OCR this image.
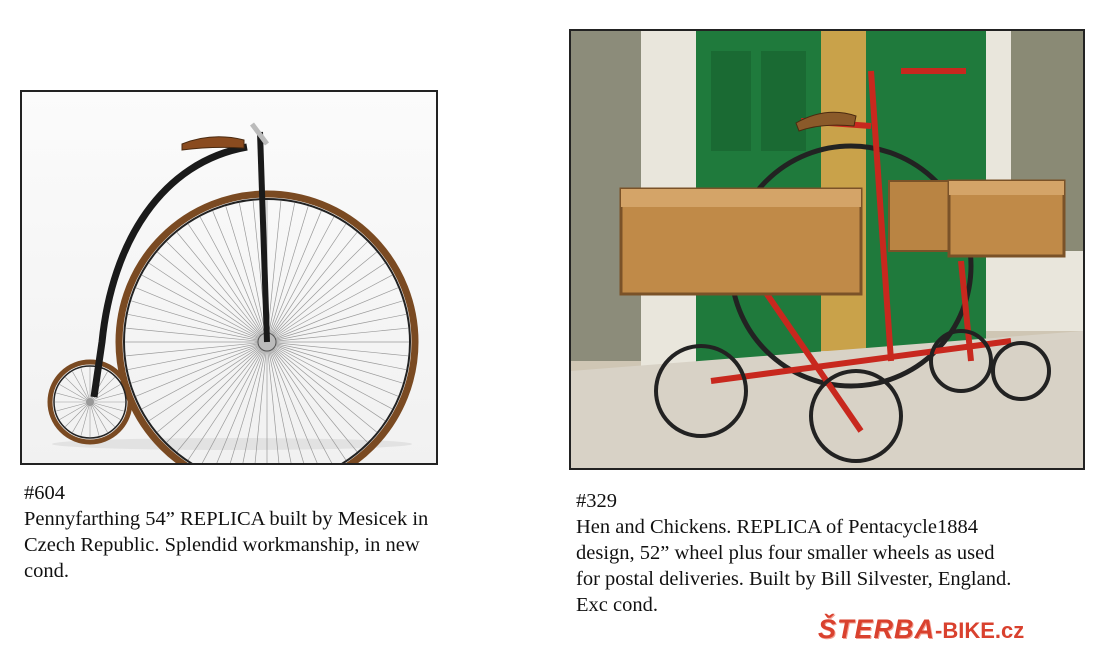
#604
Pennyfarthing 54” REPLICA built by Mesicek in
Czech Republic. Splendid workmanship, in new
cond.
#329
Hen and Chickens. REPLICA of Pentacycle1884
design, 52” wheel plus four smaller wheels as used
for postal deliveries. Built by Bill Silvester, England.
Exc cond.
ŠTERBA-BIKE.cz
